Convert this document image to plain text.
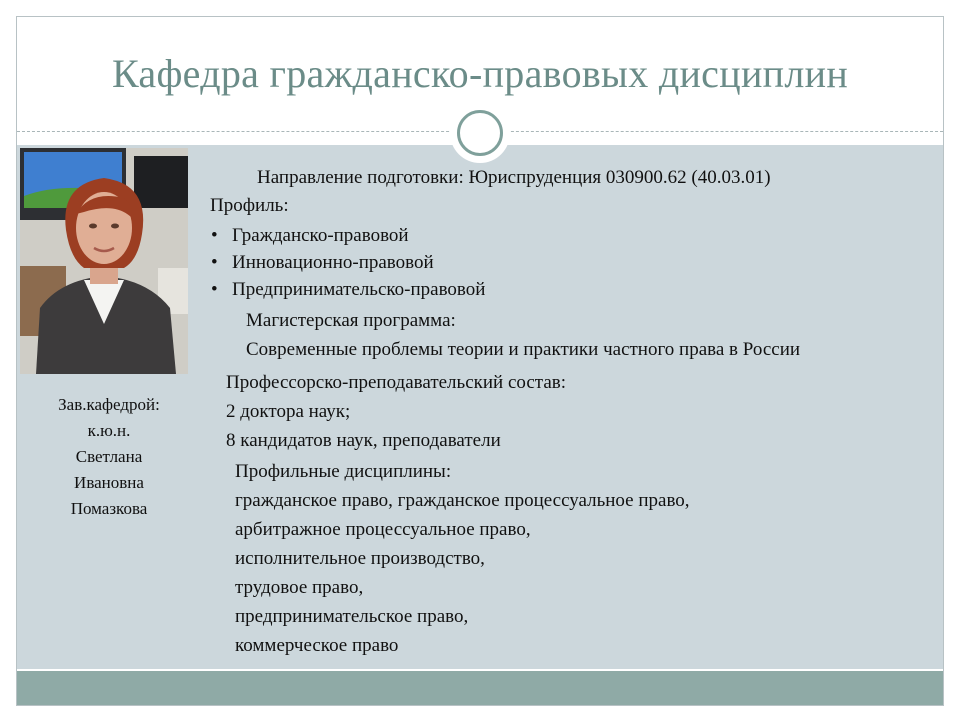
Кафедра гражданско-правовых дисциплин
Зав.кафедрой:
к.ю.н.
Светлана
Ивановна
Помазкова
Направление подготовки: Юриспруденция 030900.62 (40.03.01)
Профиль:
• Гражданско-правовой
• Инновационно-правовой
• Предпринимательско-правовой
Магистерская программа:
Современные проблемы теории и практики частного права в России
Профессорско-преподавательский состав:
2 доктора наук;
8 кандидатов наук, преподаватели
Профильные дисциплины:
гражданское право, гражданское процессуальное право,
арбитражное процессуальное право,
исполнительное производство,
трудовое право,
предпринимательское право,
коммерческое право
